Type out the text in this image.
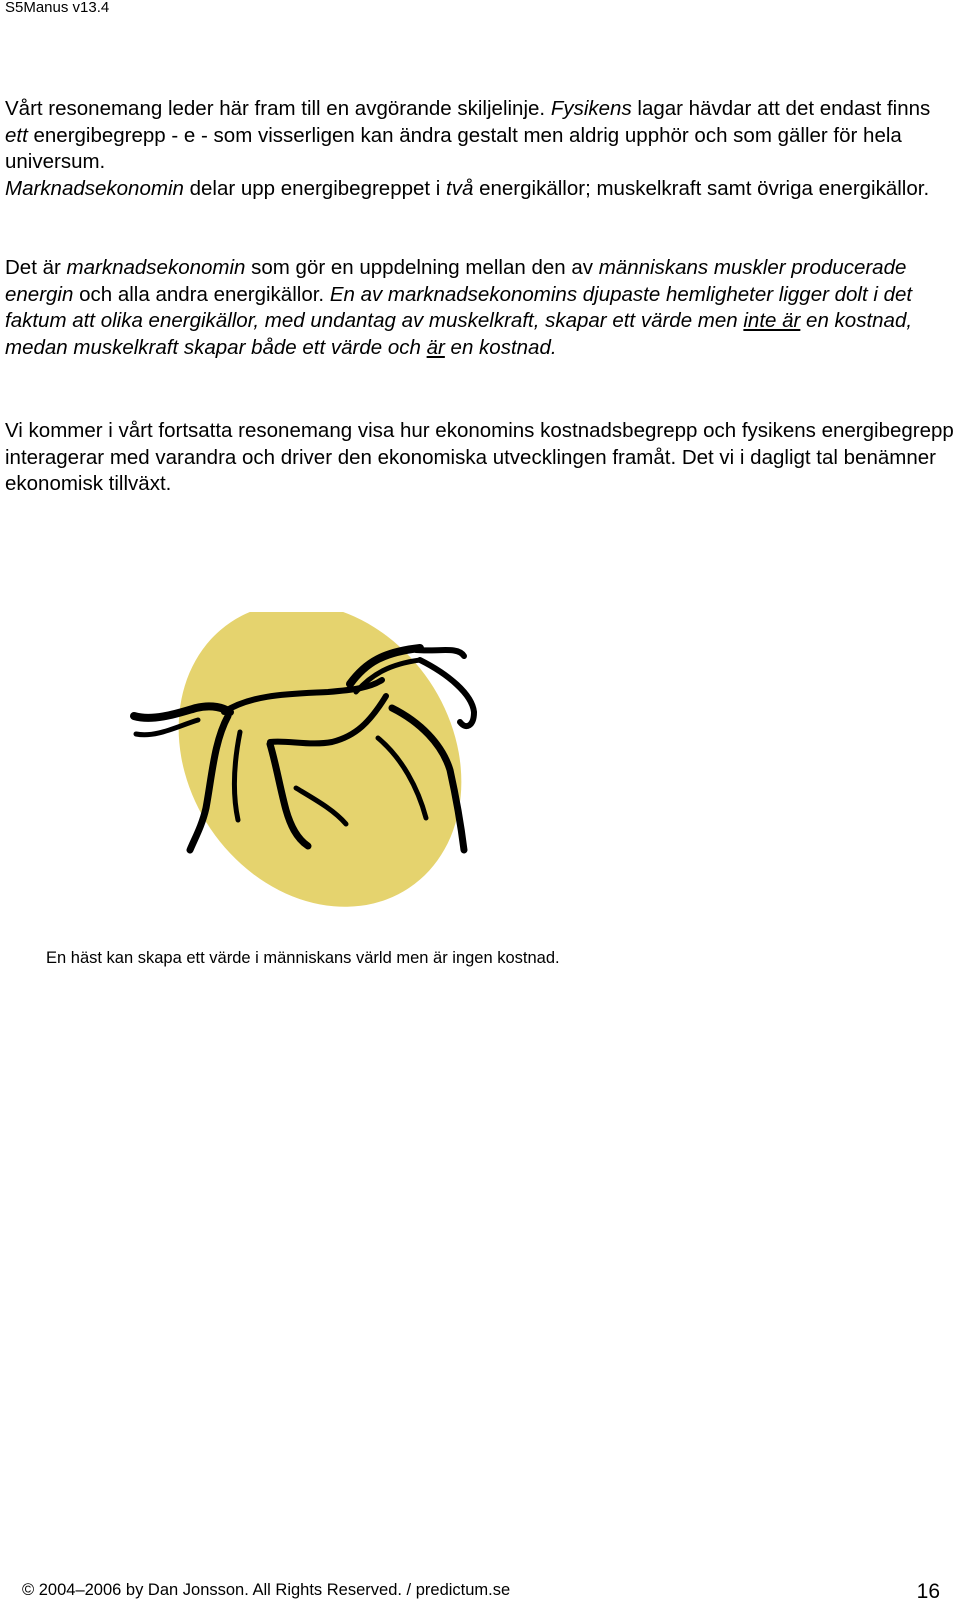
S5Manus v13.4

Vårt resonemang leder här fram till en avgörande skiljelinje. Fysikens lagar hävdar att det endast finns ett energibegrepp - e - som visserligen kan ändra gestalt men aldrig upphör och som gäller för hela universum.
Marknadsekonomin delar upp energibegreppet i två energikällor; muskelkraft samt övriga energikällor.

Det är marknadsekonomin som gör en uppdelning mellan den av människans muskler producerade energin och alla andra energikällor. En av marknadsekonomins djupaste hemligheter ligger dolt i det faktum att olika energikällor, med undantag av muskelkraft, skapar ett värde men inte är en kostnad, medan muskelkraft skapar både ett värde och är en kostnad.

Vi kommer i vårt fortsatta resonemang visa hur ekonomins kostnadsbegrepp och fysikens energibegrepp interagerar med varandra och driver den ekonomiska utvecklingen framåt. Det vi i dagligt tal benämner ekonomisk tillväxt.

En häst kan skapa ett värde i människans värld men är ingen kostnad.
© 2004–2006 by Dan Jonsson. All Rights Reserved. / predictum.se	16
